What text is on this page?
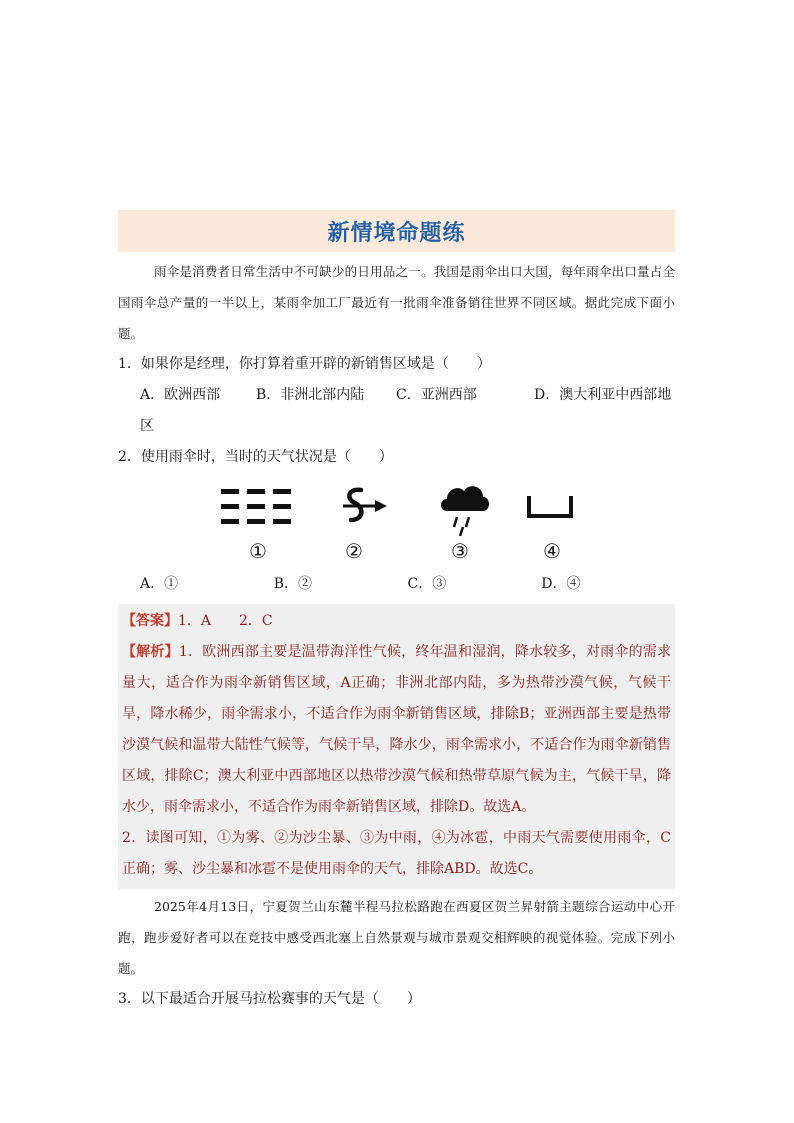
新情境命题练

雨伞是消费者日常生活中不可缺少的日用品之一。我国是雨伞出口大国，每年雨伞出口量占全国雨伞总产量的一半以上，某雨伞加工厂最近有一批雨伞准备销往世界不同区域。据此完成下面小题。

1．如果你是经理，你打算着重开辟的新销售区域是（　　）

A．欧洲西部	B．非洲北部内陆	C．亚洲西部	D．澳大利亚中西部地

区

2．使用雨伞时，当时的天气状况是（　　）

①	②	③	④
A．①	B．②	C．③	D．④

【答案】1．A　　2．C

【解析】1．欧洲西部主要是温带海洋性气候，终年温和湿润，降水较多，对雨伞的需求量大，适合作为雨伞新销售区域，A正确；非洲北部内陆，多为热带沙漠气候，气候干旱，降水稀少，雨伞需求小，不适合作为雨伞新销售区域，排除B；亚洲西部主要是热带沙漠气候和温带大陆性气候等，气候干旱，降水少，雨伞需求小，不适合作为雨伞新销售区域，排除C；澳大利亚中西部地区以热带沙漠气候和热带草原气候为主，气候干旱，降水少，雨伞需求小，不适合作为雨伞新销售区域，排除D。故选A。

2．读图可知，①为雾、②为沙尘暴、③为中雨，④为冰雹，中雨天气需要使用雨伞，C正确；雾、沙尘暴和冰雹不是使用雨伞的天气，排除ABD。故选C。

2025年4月13日，宁夏贺兰山东麓半程马拉松路跑在西夏区贺兰昇射箭主题综合运动中心开跑，跑步爱好者可以在竞技中感受西北塞上自然景观与城市景观交相辉映的视觉体验。完成下列小题。

3．以下最适合开展马拉松赛事的天气是（　　）
